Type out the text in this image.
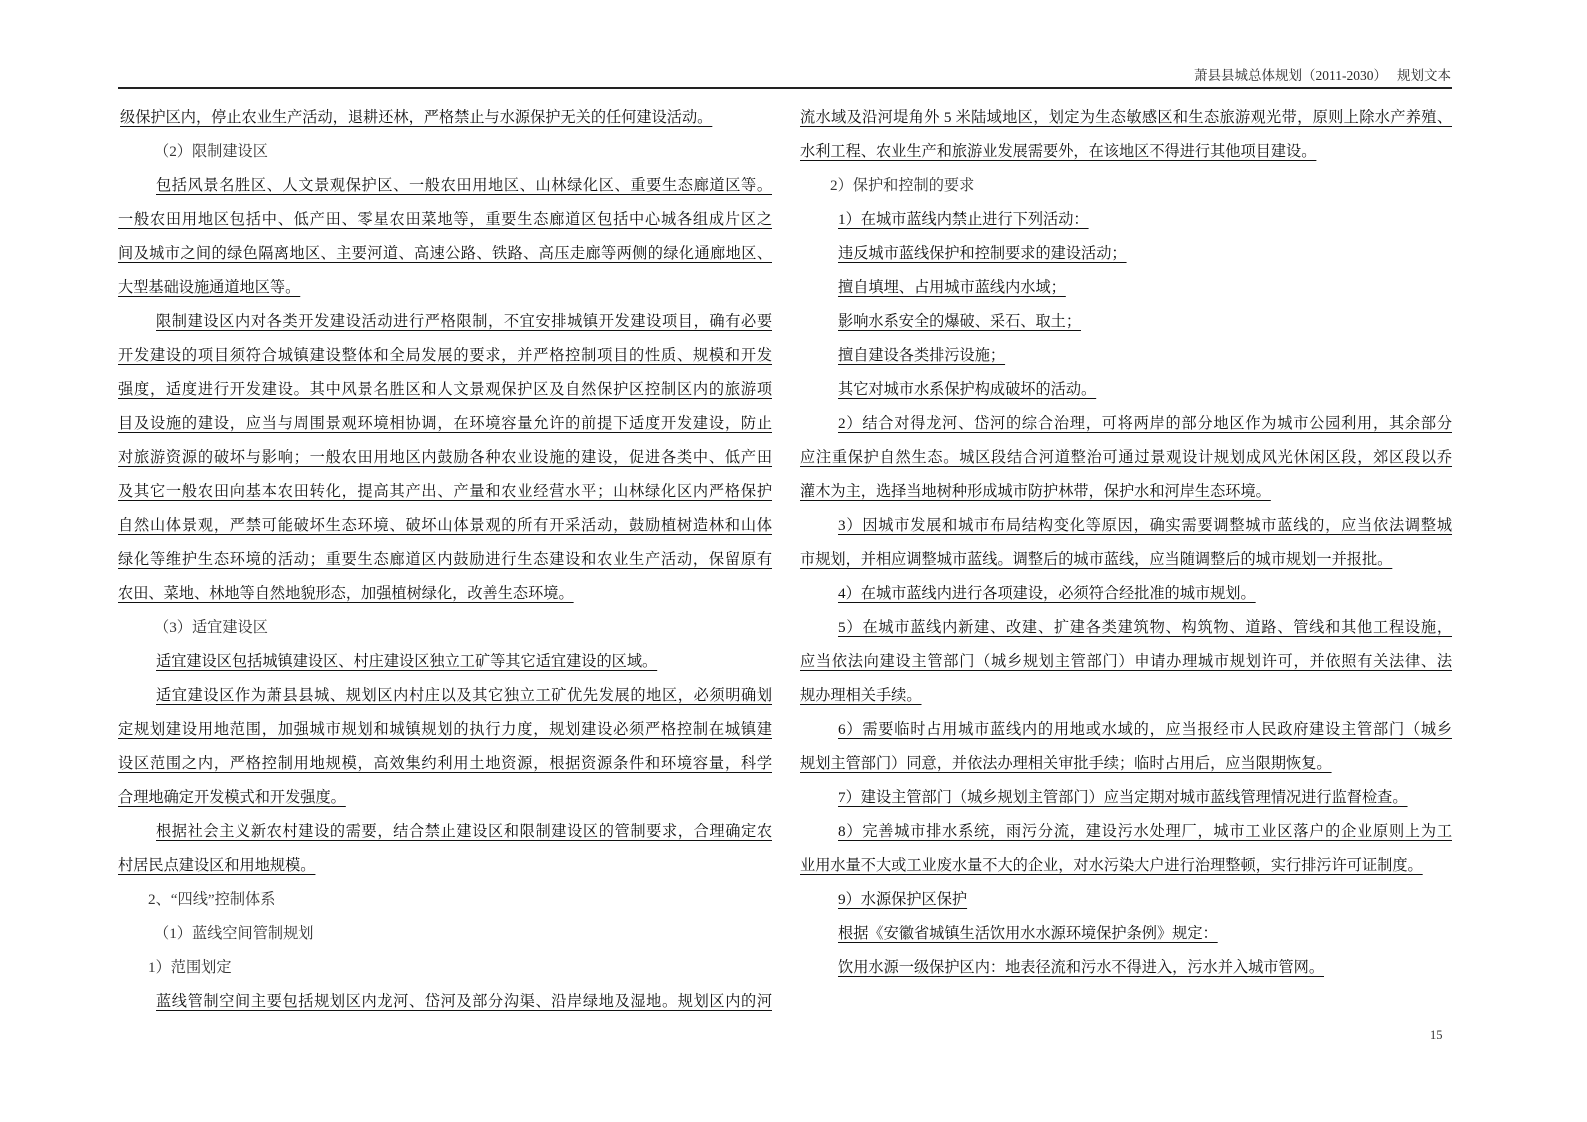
萧县县城总体规划（2011-2030） 规划文本
级保护区内，停止农业生产活动，退耕还林，严格禁止与水源保护无关的任何建设活动。
（2）限制建设区
包括风景名胜区、人文景观保护区、一般农田用地区、山林绿化区、重要生态廊道区等。
一般农田用地区包括中、低产田、零星农田菜地等，重要生态廊道区包括中心城各组成片区之
间及城市之间的绿色隔离地区、主要河道、高速公路、铁路、高压走廊等两侧的绿化通廊地区、
大型基础设施通道地区等。
限制建设区内对各类开发建设活动进行严格限制，不宜安排城镇开发建设项目，确有必要
开发建设的项目须符合城镇建设整体和全局发展的要求，并严格控制项目的性质、规模和开发
强度，适度进行开发建设。其中风景名胜区和人文景观保护区及自然保护区控制区内的旅游项
目及设施的建设，应当与周围景观环境相协调，在环境容量允许的前提下适度开发建设，防止
对旅游资源的破坏与影响；一般农田用地区内鼓励各种农业设施的建设，促进各类中、低产田
及其它一般农田向基本农田转化，提高其产出、产量和农业经营水平；山林绿化区内严格保护
自然山体景观，严禁可能破坏生态环境、破坏山体景观的所有开采活动，鼓励植树造林和山体
绿化等维护生态环境的活动；重要生态廊道区内鼓励进行生态建设和农业生产活动，保留原有
农田、菜地、林地等自然地貌形态，加强植树绿化，改善生态环境。
（3）适宜建设区
适宜建设区包括城镇建设区、村庄建设区独立工矿等其它适宜建设的区域。
适宜建设区作为萧县县城、规划区内村庄以及其它独立工矿优先发展的地区，必须明确划
定规划建设用地范围，加强城市规划和城镇规划的执行力度，规划建设必须严格控制在城镇建
设区范围之内，严格控制用地规模，高效集约利用土地资源，根据资源条件和环境容量，科学
合理地确定开发模式和开发强度。
根据社会主义新农村建设的需要，结合禁止建设区和限制建设区的管制要求，合理确定农
村居民点建设区和用地规模。
2、“四线”控制体系
（1）蓝线空间管制规划
1）范围划定
蓝线管制空间主要包括规划区内龙河、岱河及部分沟渠、沿岸绿地及湿地。规划区内的河
流水域及沿河堤角外 5 米陆域地区，划定为生态敏感区和生态旅游观光带，原则上除水产养殖、
水利工程、农业生产和旅游业发展需要外，在该地区不得进行其他项目建设。
2）保护和控制的要求
1）在城市蓝线内禁止进行下列活动：
违反城市蓝线保护和控制要求的建设活动；
擅自填埋、占用城市蓝线内水域；
影响水系安全的爆破、采石、取土；
擅自建设各类排污设施；
其它对城市水系保护构成破坏的活动。
2）结合对得龙河、岱河的综合治理，可将两岸的部分地区作为城市公园利用，其余部分
应注重保护自然生态。城区段结合河道整治可通过景观设计规划成风光休闲区段，郊区段以乔
灌木为主，选择当地树种形成城市防护林带，保护水和河岸生态环境。
3）因城市发展和城市布局结构变化等原因，确实需要调整城市蓝线的，应当依法调整城
市规划，并相应调整城市蓝线。调整后的城市蓝线，应当随调整后的城市规划一并报批。
4）在城市蓝线内进行各项建设，必须符合经批准的城市规划。
5）在城市蓝线内新建、改建、扩建各类建筑物、构筑物、道路、管线和其他工程设施，
应当依法向建设主管部门（城乡规划主管部门）申请办理城市规划许可，并依照有关法律、法
规办理相关手续。
6）需要临时占用城市蓝线内的用地或水域的，应当报经市人民政府建设主管部门（城乡
规划主管部门）同意，并依法办理相关审批手续；临时占用后，应当限期恢复。
7）建设主管部门（城乡规划主管部门）应当定期对城市蓝线管理情况进行监督检查。
8）完善城市排水系统，雨污分流，建设污水处理厂，城市工业区落户的企业原则上为工
业用水量不大或工业废水量不大的企业，对水污染大户进行治理整顿，实行排污许可证制度。
9）水源保护区保护
根据《安徽省城镇生活饮用水水源环境保护条例》规定：
饮用水源一级保护区内：地表径流和污水不得进入，污水并入城市管网。
15
